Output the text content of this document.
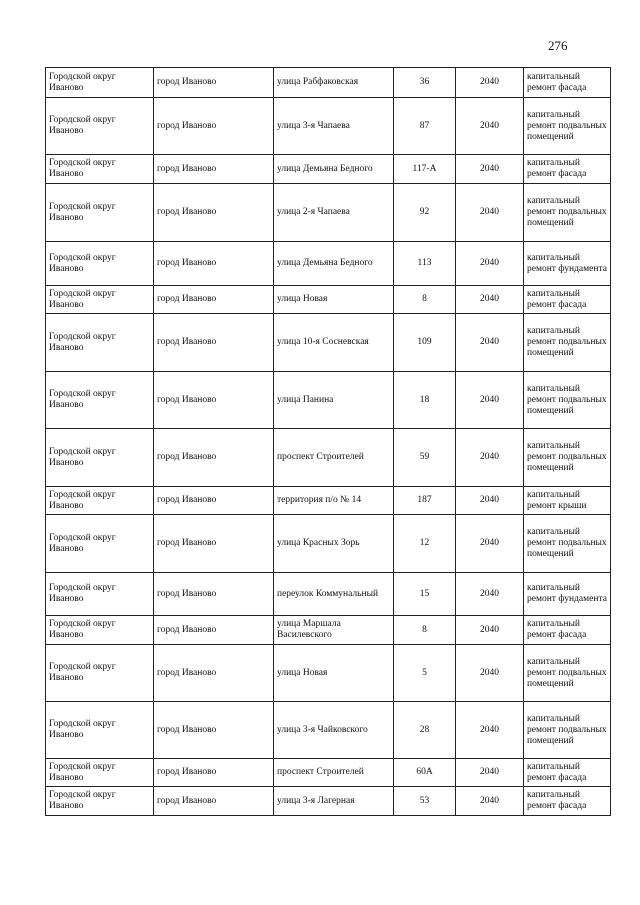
276
Городской округ Иваново	город Иваново	улица Рабфаковская	36	2040	капитальный ремонт фасада
Городской округ Иваново	город Иваново	улица 3-я Чапаева	87	2040	капитальный ремонт подвальных помещений
Городской округ Иваново	город Иваново	улица Демьяна Бедного	117-А	2040	капитальный ремонт фасада
Городской округ Иваново	город Иваново	улица 2-я Чапаева	92	2040	капитальный ремонт подвальных помещений
Городской округ Иваново	город Иваново	улица Демьяна Бедного	113	2040	капитальный ремонт фундамента
Городской округ Иваново	город Иваново	улица Новая	8	2040	капитальный ремонт фасада
Городской округ Иваново	город Иваново	улица 10-я Сосневская	109	2040	капитальный ремонт подвальных помещений
Городской округ Иваново	город Иваново	улица Панина	18	2040	капитальный ремонт подвальных помещений
Городской округ Иваново	город Иваново	проспект Строителей	59	2040	капитальный ремонт подвальных помещений
Городской округ Иваново	город Иваново	территория п/о № 14	187	2040	капитальный ремонт крыши
Городской округ Иваново	город Иваново	улица Красных Зорь	12	2040	капитальный ремонт подвальных помещений
Городской округ Иваново	город Иваново	переулок Коммунальный	15	2040	капитальный ремонт фундамента
Городской округ Иваново	город Иваново	улица Маршала Василевского	8	2040	капитальный ремонт фасада
Городской округ Иваново	город Иваново	улица Новая	5	2040	капитальный ремонт подвальных помещений
Городской округ Иваново	город Иваново	улица 3-я Чайковского	28	2040	капитальный ремонт подвальных помещений
Городской округ Иваново	город Иваново	проспект Строителей	60А	2040	капитальный ремонт фасада
Городской округ Иваново	город Иваново	улица 3-я Лагерная	53	2040	капитальный ремонт фасада
